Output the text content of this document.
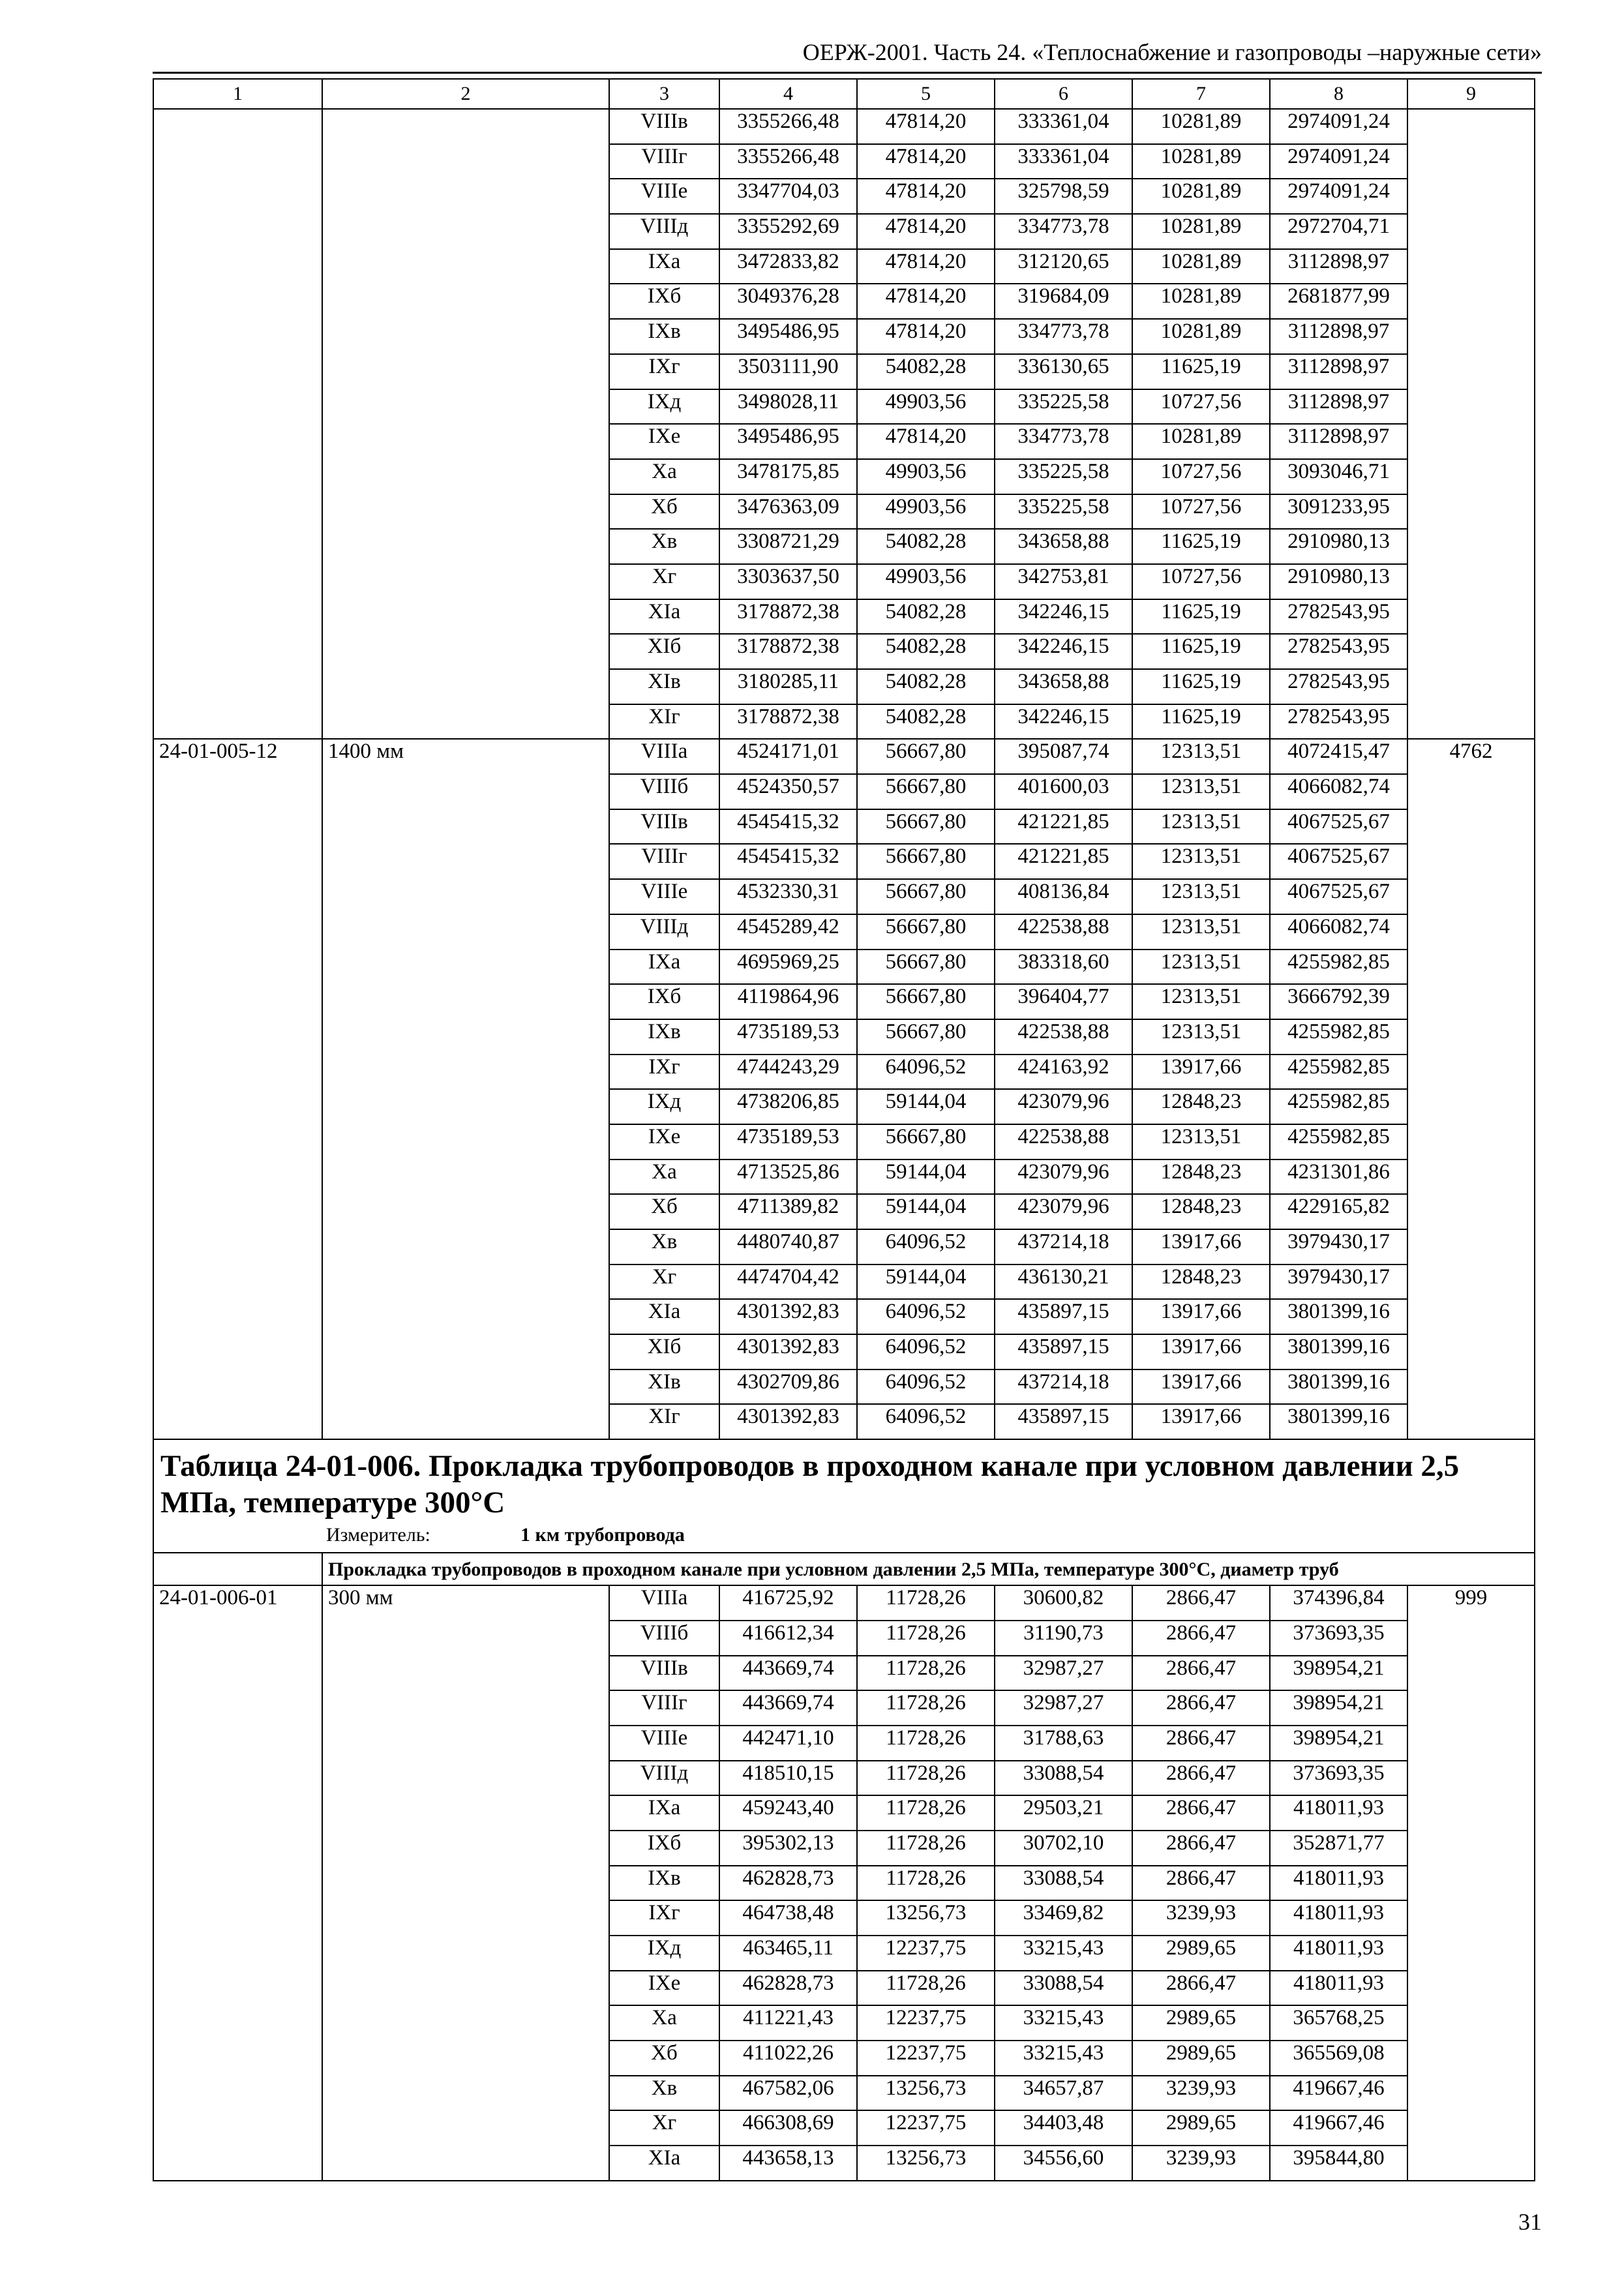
ОЕРЖ-2001. Часть 24. «Теплоснабжение и газопроводы –наружные сети»
1	2	3	4	5	6	7	8	9
		VIIIв	3355266,48	47814,20	333361,04	10281,89	2974091,24	
		VIIIг	3355266,48	47814,20	333361,04	10281,89	2974091,24	
		VIIIе	3347704,03	47814,20	325798,59	10281,89	2974091,24	
		VIIIд	3355292,69	47814,20	334773,78	10281,89	2972704,71	
		IXа	3472833,82	47814,20	312120,65	10281,89	3112898,97	
		IXб	3049376,28	47814,20	319684,09	10281,89	2681877,99	
		IXв	3495486,95	47814,20	334773,78	10281,89	3112898,97	
		IXг	3503111,90	54082,28	336130,65	11625,19	3112898,97	
		IXд	3498028,11	49903,56	335225,58	10727,56	3112898,97	
		IXе	3495486,95	47814,20	334773,78	10281,89	3112898,97	
		Xа	3478175,85	49903,56	335225,58	10727,56	3093046,71	
		Xб	3476363,09	49903,56	335225,58	10727,56	3091233,95	
		Xв	3308721,29	54082,28	343658,88	11625,19	2910980,13	
		Xг	3303637,50	49903,56	342753,81	10727,56	2910980,13	
		XIа	3178872,38	54082,28	342246,15	11625,19	2782543,95	
		XIб	3178872,38	54082,28	342246,15	11625,19	2782543,95	
		XIв	3180285,11	54082,28	343658,88	11625,19	2782543,95	
		XIг	3178872,38	54082,28	342246,15	11625,19	2782543,95	
24-01-005-12	1400 мм	VIIIа	4524171,01	56667,80	395087,74	12313,51	4072415,47	4762
		VIIIб	4524350,57	56667,80	401600,03	12313,51	4066082,74	
		VIIIв	4545415,32	56667,80	421221,85	12313,51	4067525,67	
		VIIIг	4545415,32	56667,80	421221,85	12313,51	4067525,67	
		VIIIе	4532330,31	56667,80	408136,84	12313,51	4067525,67	
		VIIIд	4545289,42	56667,80	422538,88	12313,51	4066082,74	
		IXа	4695969,25	56667,80	383318,60	12313,51	4255982,85	
		IXб	4119864,96	56667,80	396404,77	12313,51	3666792,39	
		IXв	4735189,53	56667,80	422538,88	12313,51	4255982,85	
		IXг	4744243,29	64096,52	424163,92	13917,66	4255982,85	
		IXд	4738206,85	59144,04	423079,96	12848,23	4255982,85	
		IXе	4735189,53	56667,80	422538,88	12313,51	4255982,85	
		Xа	4713525,86	59144,04	423079,96	12848,23	4231301,86	
		Xб	4711389,82	59144,04	423079,96	12848,23	4229165,82	
		Xв	4480740,87	64096,52	437214,18	13917,66	3979430,17	
		Xг	4474704,42	59144,04	436130,21	12848,23	3979430,17	
		XIа	4301392,83	64096,52	435897,15	13917,66	3801399,16	
		XIб	4301392,83	64096,52	435897,15	13917,66	3801399,16	
		XIв	4302709,86	64096,52	437214,18	13917,66	3801399,16	
		XIг	4301392,83	64096,52	435897,15	13917,66	3801399,16	

Таблица 24-01-006. Прокладка трубопроводов в проходном канале при условном давлении 2,5 МПа, температуре 300°С
Измеритель: 1 км трубопровода								

	Прокладка трубопроводов в проходном канале при условном давлении 2,5 МПа, температуре 300°С, диаметр труб							
24-01-006-01	300 мм	VIIIа	416725,92	11728,26	30600,82	2866,47	374396,84	999
		VIIIб	416612,34	11728,26	31190,73	2866,47	373693,35	
		VIIIв	443669,74	11728,26	32987,27	2866,47	398954,21	
		VIIIг	443669,74	11728,26	32987,27	2866,47	398954,21	
		VIIIе	442471,10	11728,26	31788,63	2866,47	398954,21	
		VIIIд	418510,15	11728,26	33088,54	2866,47	373693,35	
		IXа	459243,40	11728,26	29503,21	2866,47	418011,93	
		IXб	395302,13	11728,26	30702,10	2866,47	352871,77	
		IXв	462828,73	11728,26	33088,54	2866,47	418011,93	
		IXг	464738,48	13256,73	33469,82	3239,93	418011,93	
		IXд	463465,11	12237,75	33215,43	2989,65	418011,93	
		IXе	462828,73	11728,26	33088,54	2866,47	418011,93	
		Xа	411221,43	12237,75	33215,43	2989,65	365768,25	
		Xб	411022,26	12237,75	33215,43	2989,65	365569,08	
		Xв	467582,06	13256,73	34657,87	3239,93	419667,46	
		Xг	466308,69	12237,75	34403,48	2989,65	419667,46	
		XIа	443658,13	13256,73	34556,60	3239,93	395844,80	
31
